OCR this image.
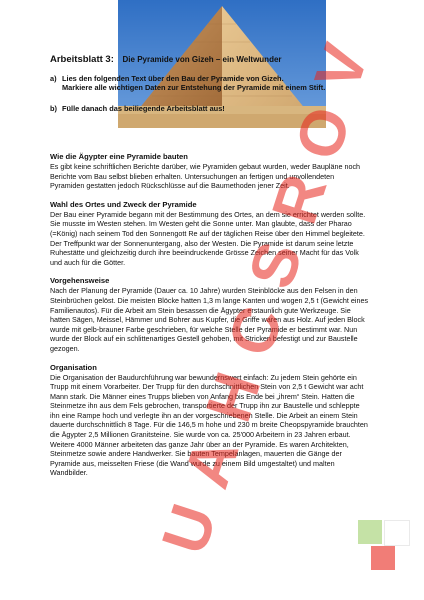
Arbeitsblatt 3: Die Pyramide von Gizeh – ein Weltwunder
a) Lies den folgenden Text über den Bau der Pyramide von Gizeh.
Markiere alle wichtigen Daten zur Entstehung der Pyramide mit einem Stift.
b) Fülle danach das beiliegende Arbeitsblatt aus!
Wie die Ägypter eine Pyramide bauten

Es gibt keine schriftlichen Berichte darüber, wie Pyramiden gebaut wurden, weder Baupläne noch Berichte vom Bau selbst blieben erhalten. Untersuchungen an fertigen und unvollendeten Pyramiden gestatten jedoch Rückschlüsse auf die Baumethoden jener Zeit.

Wahl des Ortes und Zweck der Pyramide

Der Bau einer Pyramide begann mit der Bestimmung des Ortes, an dem sie errichtet werden sollte. Sie musste im Westen stehen. Im Westen geht die Sonne unter. Man glaubte, dass der Pharao (=König) nach seinem Tod den Sonnengott Re auf der täglichen Reise über den Himmel begleitete. Der Treffpunkt war der Sonnenuntergang, also der Westen. Die Pyramide ist darum seine letzte Ruhestätte und gleichzeitig durch ihre beeindruckende Grösse Zeichen seiner Macht für das Volk und auch für die Götter.

Vorgehensweise

Nach der Planung der Pyramide (Dauer ca. 10 Jahre) wurden Steinblöcke aus den Felsen in den Steinbrüchen gelöst. Die meisten Blöcke hatten 1,3 m lange Kanten und wogen 2,5 t (Gewicht eines Familienautos). Für die Arbeit am Stein besassen die Ägypter erstaunlich gute Werkzeuge. Sie hatten Sägen, Meissel, Hämmer und Bohrer aus Kupfer, die Griffe waren aus Holz. Auf jeden Block wurde mit gelb-brauner Farbe geschrieben, für welche Stelle der Pyramide er bestimmt war. Nun wurde der Block auf ein schlittenartiges Gestell gehoben, mit Stricken befestigt und zur Baustelle gezogen.

Organisation

Die Organisation der Baudurchführung war bewundernswert einfach: Zu jedem Stein gehörte ein Trupp mit einem Vorarbeiter. Der Trupp für den durchschnittlichen Stein von 2,5 t Gewicht war acht Mann stark. Die Männer eines Trupps blieben von Anfang bis Ende bei „ihrem“ Stein. Hatten die Steinmetze ihn aus dem Fels gebrochen, transportierte der Trupp ihn zur Baustelle und schleppte ihn eine Rampe hoch und verlegte ihn an der vorgeschriebenen Stelle. Die Arbeit an einem Stein dauerte durchschnittlich 8 Tage. Für die 146,5 m hohe und 230 m breite Cheopspyramide brauchten die Ägypter 2,5 Millionen Granitsteine. Sie wurde von ca. 25'000 Arbeitern in 23 Jahren erbaut. Weitere 4000 Männer arbeiteten das ganze Jahr über an der Pyramide. Es waren Architekten, Steinmetze sowie andere Handwerker. Sie bauten Tempelanlagen, mauerten die Gänge der Pyramide aus, meisselten Friese (die Wand wurde zu einem Bild umgestaltet) und malten Wandbilder.

V
O
R
S
C
H
A
U
